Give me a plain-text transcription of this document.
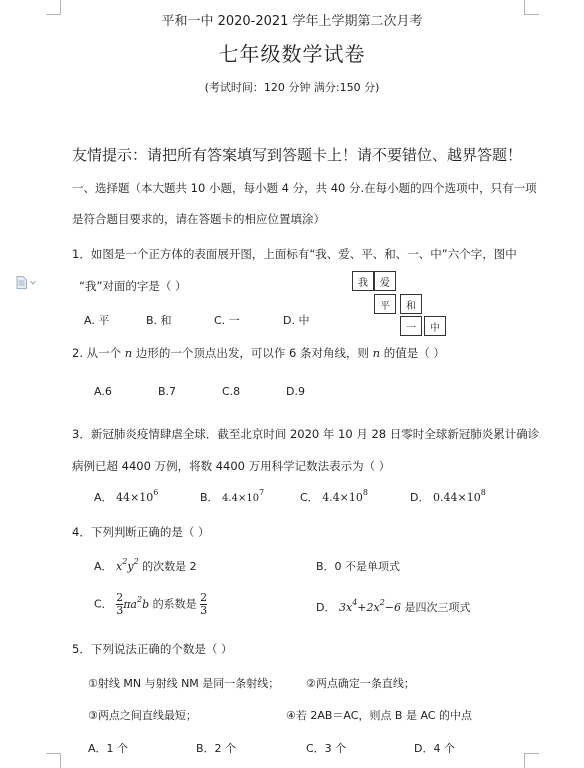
平和一中 2020-2021 学年上学期第二次月考
七年级数学试卷
(考试时间：120 分钟 满分:150 分)
友情提示：请把所有答案填写到答题卡上！请不要错位、越界答题！
一、选择题（本大题共 10 小题，每小题 4 分，共 40 分.在每小题的四个选项中，只有一项
是符合题目要求的，请在答题卡的相应位置填涂）
1．如图是一个正方体的表面展开图，上面标有“我、爱、平、和、一、中”六个字，图中
“我”对面的字是（ ）
A. 平	B. 和	C. 一	D. 中
我	爱
平	和
一	中
2. 从一个 n 边形的一个顶点出发，可以作 6 条对角线，则 n 的值是（ ）
A.6	B.7	C.8	D.9
3．新冠肺炎疫情肆虐全球．截至北京时间 2020 年 10 月 28 日零时全球新冠肺炎累计确诊
病例已超 4400 万例，将数 4400 万用科学记数法表示为（ ）
A． $44\times 10^6$	B． $4.4\times 10^7$	C． $4.4\times 10^8$	D． $0.44\times 10^8$
4．下列判断正确的是（ ）
A． $x^2y^2$ 的次数是 2	B．0 不是单项式
C． $\frac{2}{3} \pi a^2b$ 的系数是 $\frac{2}{3}$	D． $3x^4+2x^2-6$ 是四次三项式
5．下列说法正确的个数是（ ）
①射线 MN 与射线 NM 是同一条射线； ②两点确定一条直线；
③两点之间直线最短；	④若 2AB＝AC，则点 B 是 AC 的中点
A．1 个	B．2 个	C．3 个	D．4 个
